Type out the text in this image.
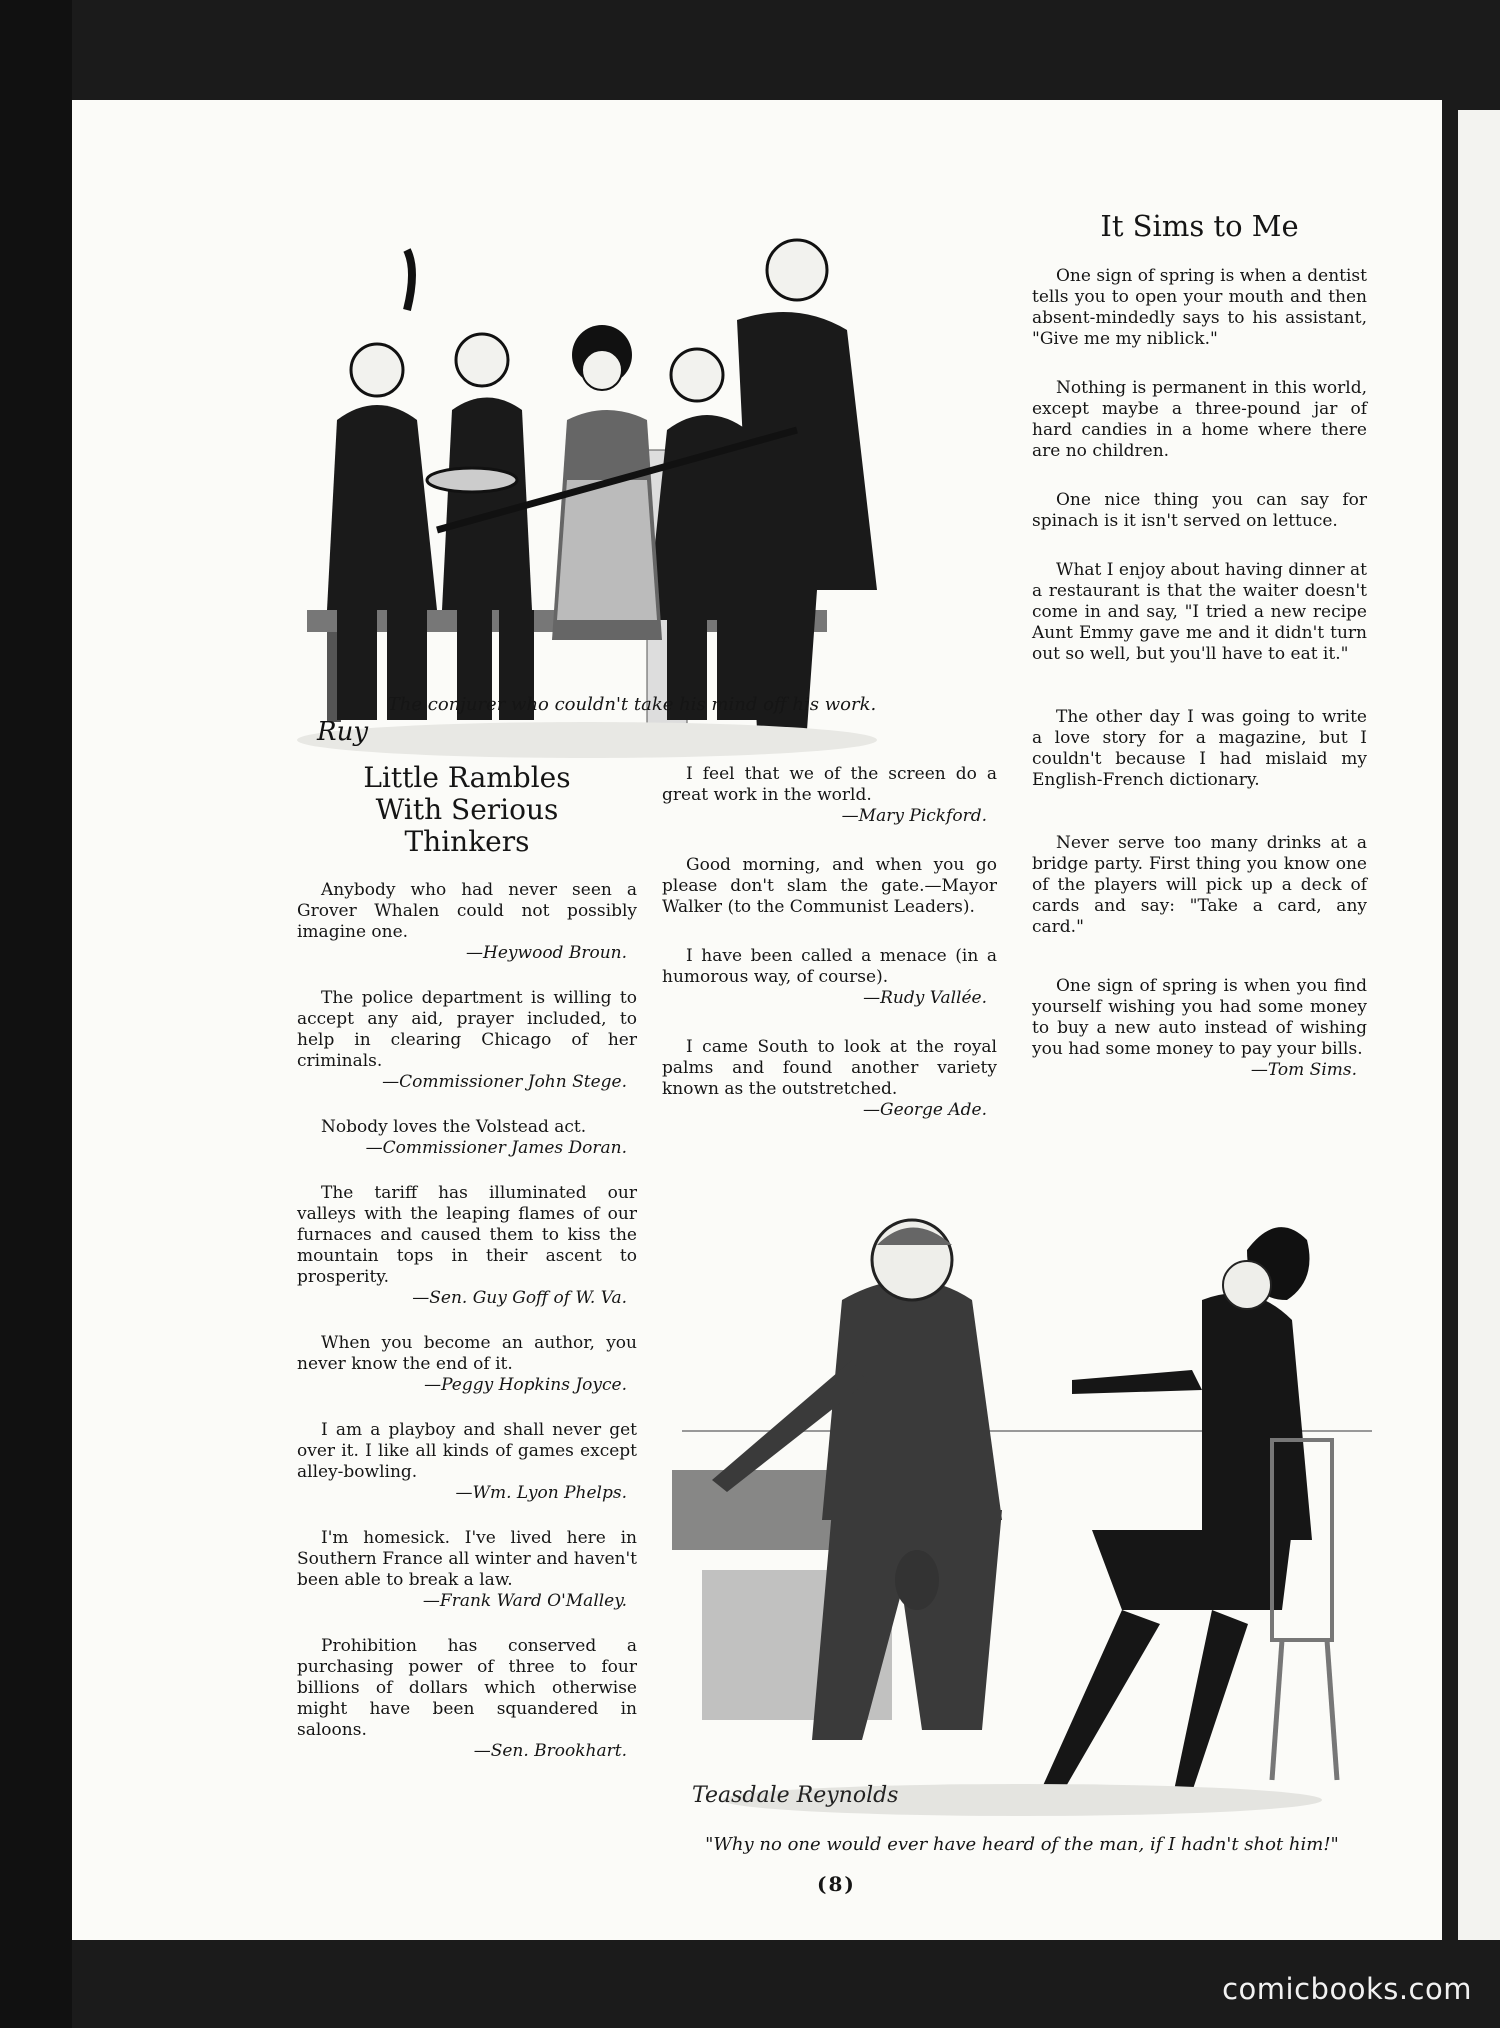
Ruy
The conjurer who couldn't take his mind off his work.
It Sims to Me

One sign of spring is when a dentist tells you to open your mouth and then absent-mindedly says to his assistant, "Give me my niblick."

Nothing is permanent in this world, except maybe a three-pound jar of hard candies in a home where there are no children.

One nice thing you can say for spinach is it isn't served on lettuce.

What I enjoy about having dinner at a restaurant is that the waiter doesn't come in and say, "I tried a new recipe Aunt Emmy gave me and it didn't turn out so well, but you'll have to eat it."

The other day I was going to write a love story for a magazine, but I couldn't because I had mislaid my English-French dictionary.

Never serve too many drinks at a bridge party. First thing you know one of the players will pick up a deck of cards and say: "Take a card, any card."

One sign of spring is when you find yourself wishing you had some money to buy a new auto instead of wishing you had some money to pay your bills.

—Tom Sims.
Little Rambles With Serious Thinkers

Anybody who had never seen a Grover Whalen could not possibly imagine one.

—Heywood Broun.

The police department is willing to accept any aid, prayer included, to help in clearing Chicago of her criminals.

—Commissioner John Stege.

Nobody loves the Volstead act.

—Commissioner James Doran.

The tariff has illuminated our valleys with the leaping flames of our furnaces and caused them to kiss the mountain tops in their ascent to prosperity.

—Sen. Guy Goff of W. Va.

When you become an author, you never know the end of it.

—Peggy Hopkins Joyce.

I am a playboy and shall never get over it. I like all kinds of games except alley-bowling.

—Wm. Lyon Phelps.

I'm homesick. I've lived here in Southern France all winter and haven't been able to break a law.

—Frank Ward O'Malley.

Prohibition has conserved a purchasing power of three to four billions of dollars which otherwise might have been squandered in saloons.

—Sen. Brookhart.

I feel that we of the screen do a great work in the world.

—Mary Pickford.

Good morning, and when you go please don't slam the gate.—Mayor Walker (to the Communist Leaders).

I have been called a menace (in a humorous way, of course).

—Rudy Vallée.

I came South to look at the royal palms and found another variety known as the outstretched.

—George Ade.
Teasdale Reynolds
"Why no one would ever have heard of the man, if I hadn't shot him!"
(8)
comicbooks.com
